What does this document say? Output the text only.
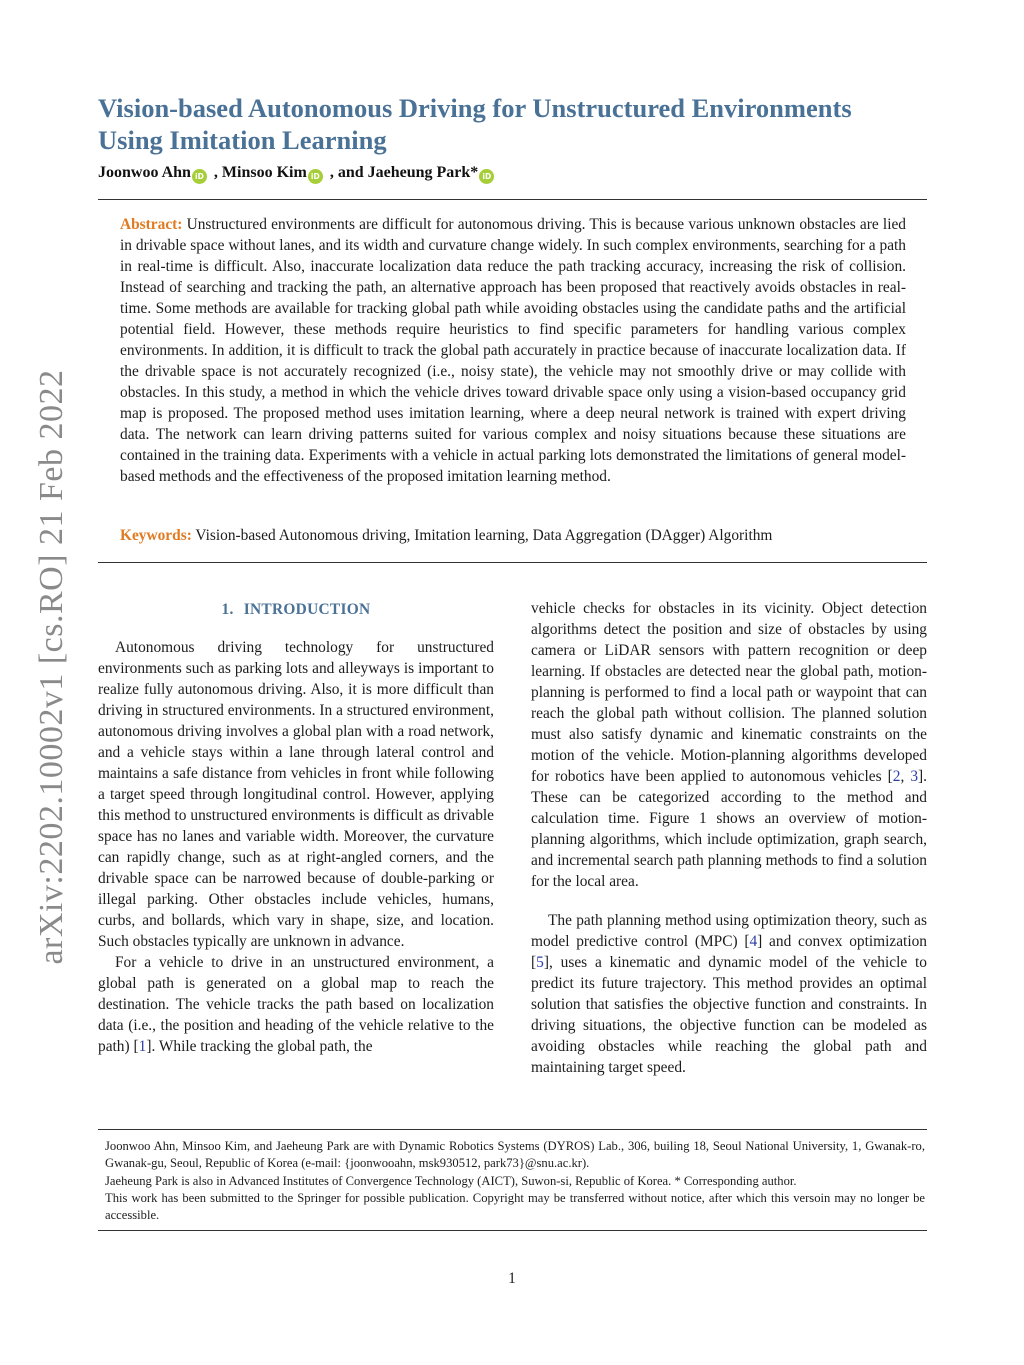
arXiv:2202.10002v1 [cs.RO] 21 Feb 2022
Vision-based Autonomous Driving for Unstructured Environments Using Imitation Learning
Joonwoo Ahn iD , Minsoo Kim iD , and Jaeheung Park* iD
Abstract: Unstructured environments are difficult for autonomous driving. This is because various unknown obstacles are lied in drivable space without lanes, and its width and curvature change widely. In such complex environments, searching for a path in real-time is difficult. Also, inaccurate localization data reduce the path tracking accuracy, increasing the risk of collision. Instead of searching and tracking the path, an alternative approach has been proposed that reactively avoids obstacles in real-time. Some methods are available for tracking global path while avoiding obstacles using the candidate paths and the artificial potential field. However, these methods require heuristics to find specific parameters for handling various complex environments. In addition, it is difficult to track the global path accurately in practice because of inaccurate localization data. If the drivable space is not accurately recognized (i.e., noisy state), the vehicle may not smoothly drive or may collide with obstacles. In this study, a method in which the vehicle drives toward drivable space only using a vision-based occupancy grid map is proposed. The proposed method uses imitation learning, where a deep neural network is trained with expert driving data. The network can learn driving patterns suited for various complex and noisy situations because these situations are contained in the training data. Experiments with a vehicle in actual parking lots demonstrated the limitations of general model-based methods and the effectiveness of the proposed imitation learning method.
Keywords: Vision-based Autonomous driving, Imitation learning, Data Aggregation (DAgger) Algorithm
1. INTRODUCTION

Autonomous driving technology for unstructured environments such as parking lots and alleyways is important to realize fully autonomous driving. Also, it is more difficult than driving in structured environments. In a structured environment, autonomous driving involves a global plan with a road network, and a vehicle stays within a lane through lateral control and maintains a safe distance from vehicles in front while following a target speed through longitudinal control. However, applying this method to unstructured environments is difficult as drivable space has no lanes and variable width. Moreover, the curvature can rapidly change, such as at right-angled corners, and the drivable space can be narrowed because of double-parking or illegal parking. Other obstacles include vehicles, humans, curbs, and bollards, which vary in shape, size, and location. Such obstacles typically are unknown in advance.

For a vehicle to drive in an unstructured environment, a global path is generated on a global map to reach the destination. The vehicle tracks the path based on localization data (i.e., the position and heading of the vehicle relative to the path) [1]. While tracking the global path, the

vehicle checks for obstacles in its vicinity. Object detection algorithms detect the position and size of obstacles by using camera or LiDAR sensors with pattern recognition or deep learning. If obstacles are detected near the global path, motion-planning is performed to find a local path or waypoint that can reach the global path without collision. The planned solution must also satisfy dynamic and kinematic constraints on the motion of the vehicle. Motion-planning algorithms developed for robotics have been applied to autonomous vehicles [2, 3]. These can be categorized according to the method and calculation time. Figure 1 shows an overview of motion-planning algorithms, which include optimization, graph search, and incremental search path planning methods to find a solution for the local area.

The path planning method using optimization theory, such as model predictive control (MPC) [4] and convex optimization [5], uses a kinematic and dynamic model of the vehicle to predict its future trajectory. This method provides an optimal solution that satisfies the objective function and constraints. In driving situations, the objective function can be modeled as avoiding obstacles while reaching the global path and maintaining target speed.

Joonwoo Ahn, Minsoo Kim, and Jaeheung Park are with Dynamic Robotics Systems (DYROS) Lab., 306, builing 18, Seoul National University, 1, Gwanak-ro, Gwanak-gu, Seoul, Republic of Korea (e-mail: {joonwooahn, msk930512, park73}@snu.ac.kr).

Jaeheung Park is also in Advanced Institutes of Convergence Technology (AICT), Suwon-si, Republic of Korea. * Corresponding author.

This work has been submitted to the Springer for possible publication. Copyright may be transferred without notice, after which this versoin may no longer be accessible.

1
